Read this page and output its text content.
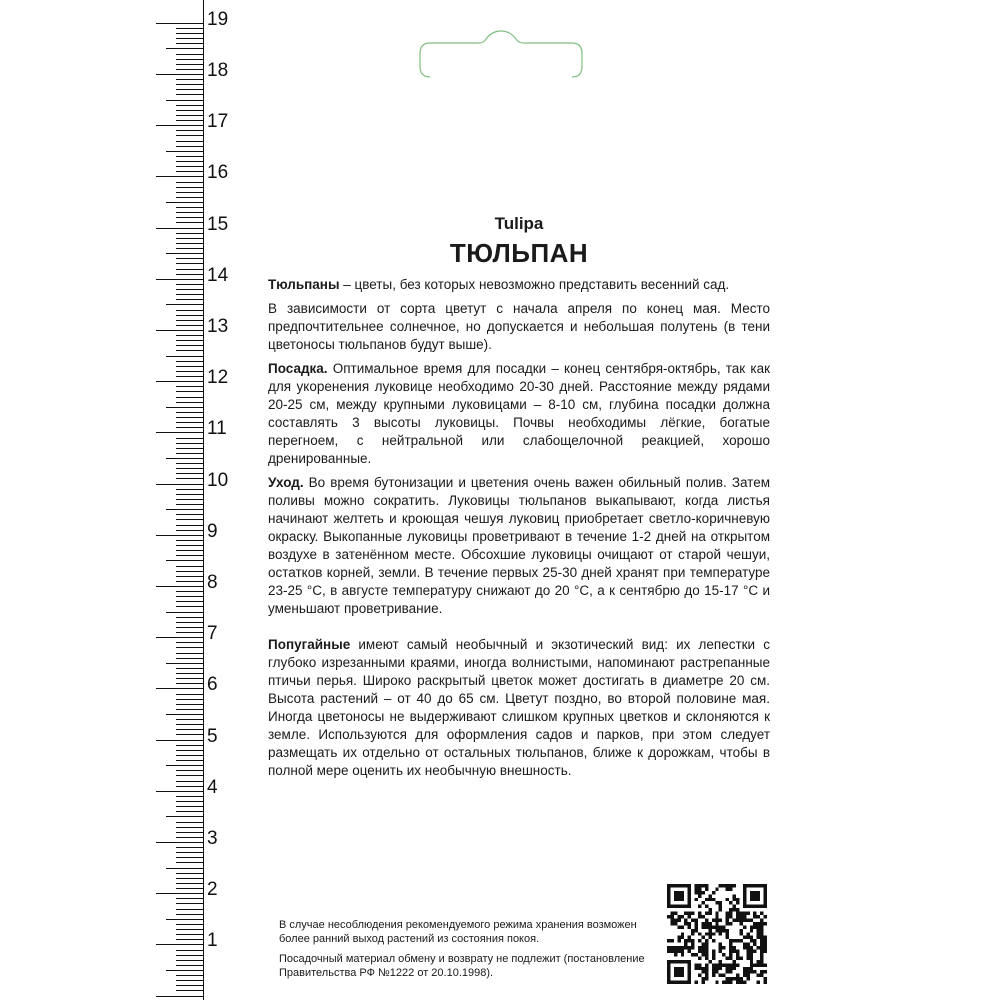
19
18
17
16
15
14
13
12
11
10
9
8
7
6
5
4
3
2
1
Tulipa
ТЮЛЬПАН

Тюльпаны – цветы, без которых невозможно представить весенний сад.

В зависимости от сорта цветут с начала апреля по конец мая. Место предпочтительнее солнечное, но допускается и небольшая полутень (в тени цветоносы тюльпанов будут выше).

Посадка. Оптимальное время для посадки – конец сентября-октябрь, так как для укоренения луковице необходимо 20-30 дней. Расстояние между рядами 20-25 см, между крупными луковицами – 8-10 см, глубина посадки должна составлять 3 высоты луковицы. Почвы необходимы лёгкие, богатые перегноем, с нейтральной или слабощелочной реакцией, хорошо дренированные.

Уход. Во время бутонизации и цветения очень важен обильный полив. Затем поливы можно сократить. Луковицы тюльпанов выкапывают, когда листья начинают желтеть и кроющая чешуя луковиц приобретает светло-коричневую окраску. Выкопанные луковицы проветривают в течение 1-2 дней на открытом воздухе в затенённом месте. Обсохшие луковицы очищают от старой чешуи, остатков корней, земли. В течение первых 25-30 дней хранят при температуре 23-25 °С, в августе температуру снижают до 20 °С, а к сентябрю до 15-17 °С и уменьшают проветривание.

Попугайные имеют самый необычный и экзотический вид: их лепестки с глубоко изрезанными краями, иногда волнистыми, напоминают растрепанные птичьи перья. Широко раскрытый цветок может достигать в диаметре 20 см. Высота растений – от 40 до 65 см. Цветут поздно, во второй половине мая. Иногда цветоносы не выдерживают слишком крупных цветков и склоняются к земле. Используются для оформления садов и парков, при этом следует размещать их отдельно от остальных тюльпанов, ближе к дорожкам, чтобы в полной мере оценить их необычную внешность.

В случае несоблюдения рекомендуемого режима хранения возможен более ранний выход растений из состояния покоя.

Посадочный материал обмену и возврату не подлежит (постановление Правительства РФ №1222 от 20.10.1998).
